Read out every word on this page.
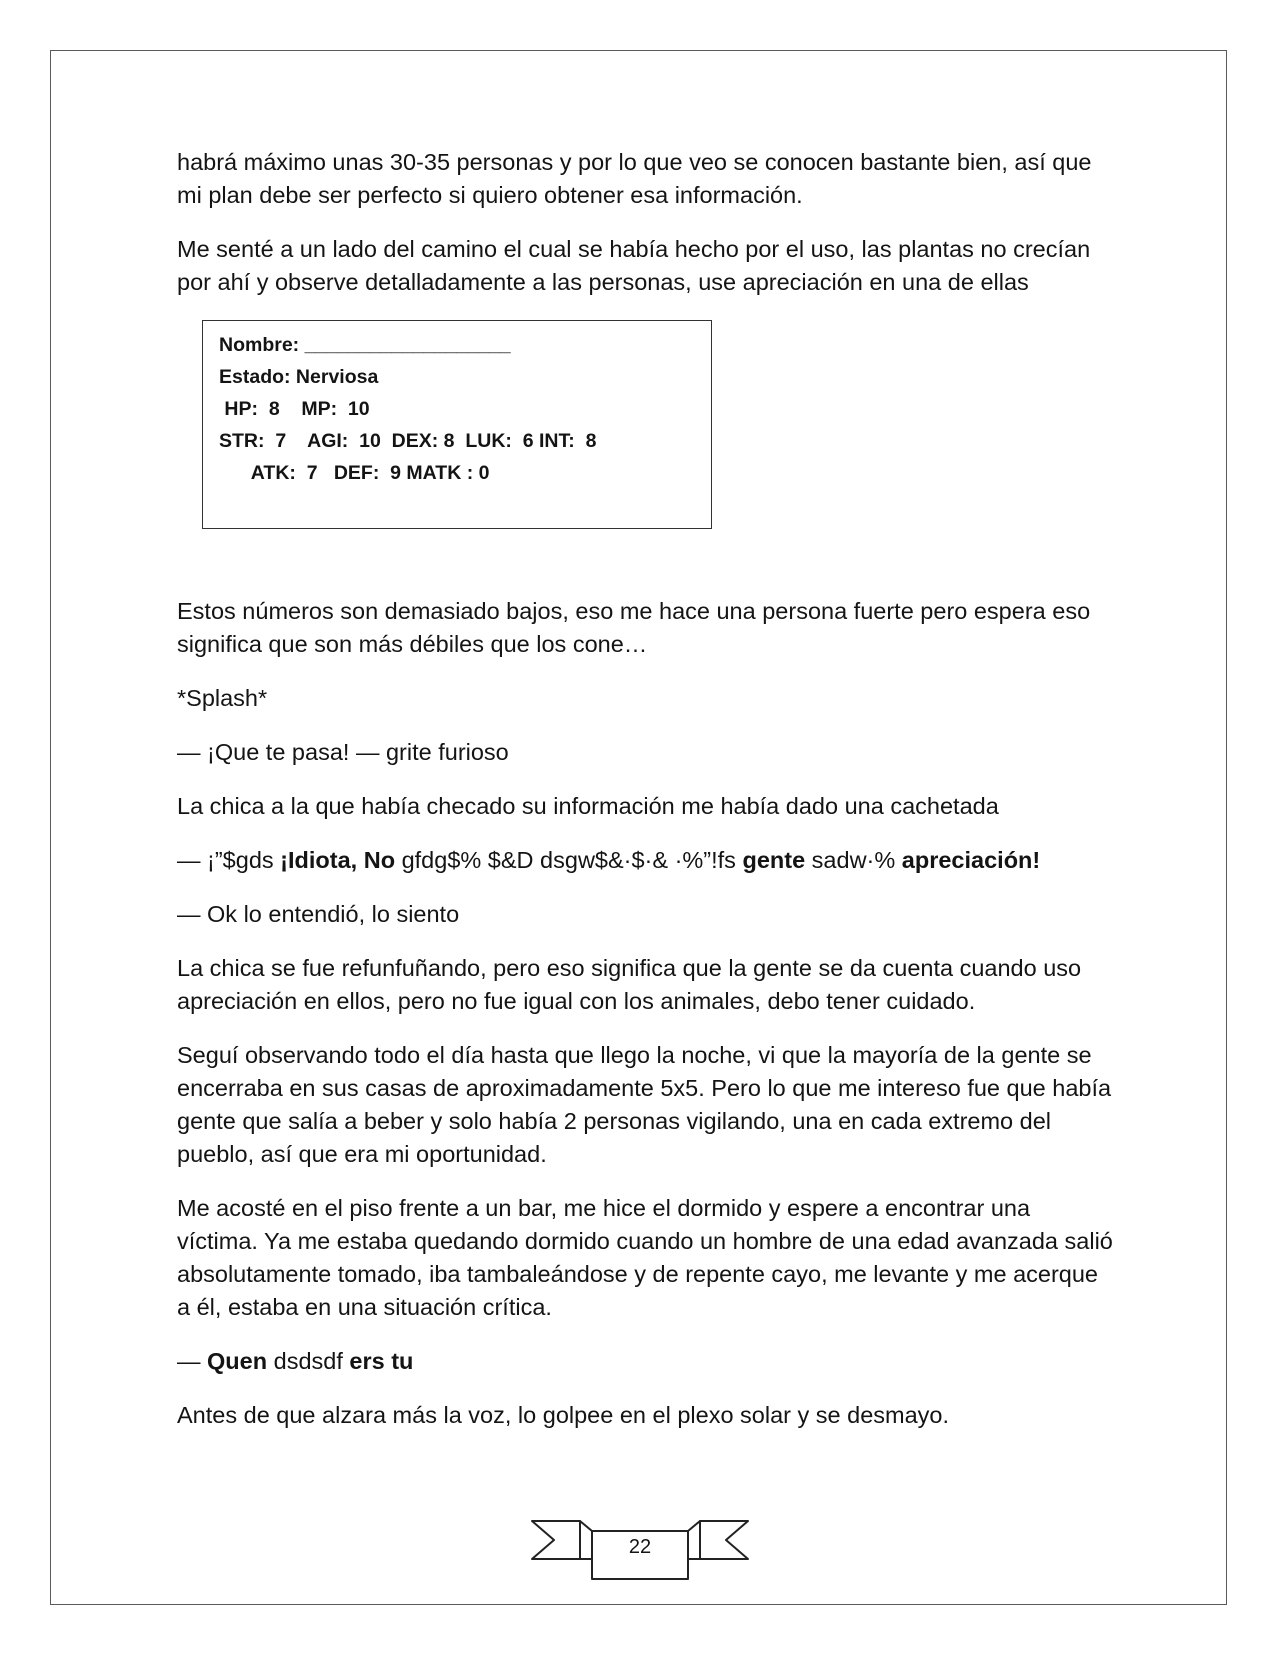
habrá máximo unas 30-35 personas y por lo que veo se conocen bastante bien, así que mi plan debe ser perfecto si quiero obtener esa información.

Me senté a un lado del camino el cual se había hecho por el uso, las plantas no crecían por ahí y observe detalladamente a las personas, use apreciación en una de ellas

Nombre: ___________________
Estado: Nerviosa
HP:  8    MP:  10
STR:  7    AGI:  10  DEX: 8  LUK:  6 INT:  8
ATK:  7   DEF:  9 MATK : 0

Estos números son demasiado bajos, eso me hace una persona fuerte pero espera eso significa que son más débiles que los cone…

*Splash*

— ¡Que te pasa! — grite furioso

La chica a la que había checado su información me había dado una cachetada

— ¡”$gds ¡Idiota, No gfdg$% $&D dsgw$&·$·& ·%”!fs gente sadw·% apreciación!

— Ok lo entendió, lo siento

La chica se fue refunfuñando, pero eso significa que la gente se da cuenta cuando uso apreciación en ellos, pero no fue igual con los animales, debo tener cuidado.

Seguí observando todo el día hasta que llego la noche, vi que la mayoría de la gente se encerraba en sus casas de aproximadamente 5x5. Pero lo que me intereso fue que había gente que salía a beber y solo había 2 personas vigilando, una en cada extremo del pueblo, así que era mi oportunidad.

Me acosté en el piso frente a un bar, me hice el dormido y espere a encontrar una víctima. Ya me estaba quedando dormido cuando un hombre de una edad avanzada salió absolutamente tomado, iba tambaleándose y de repente cayo, me levante y me acerque a él, estaba en una situación crítica.

— Quen dsdsdf ers tu

Antes de que alzara más la voz, lo golpee en el plexo solar y se desmayo.

22
